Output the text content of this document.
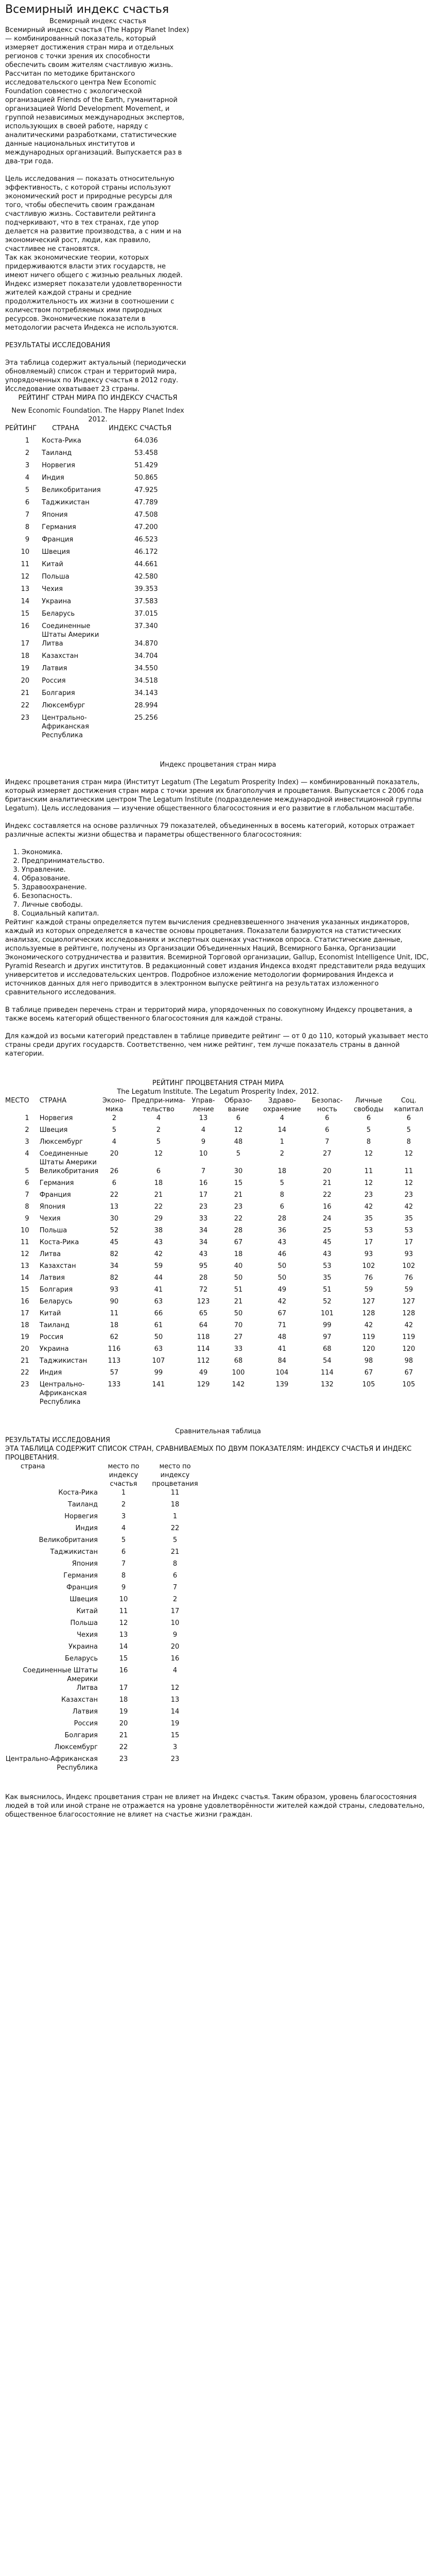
Всемирный индекс счастья

Всемирный индекс счастья

Всемирный индекс счастья (The Happy Planet Index) — комбинированный показатель, который измеряет достижения стран мира и отдельных регионов с точки зрения их способности обеспечить своим жителям счастливую жизнь. Рассчитан по методике британского исследовательского центра New Economic Foundation совместно с экологической организацией Friends of the Earth, гуманитарной организацией World Development Movement, и группой независимых международных экспертов, использующих в своей работе, наряду с аналитическими разработками, статистические данные национальных институтов и международных организаций. Выпускается раз в два-три года.

Цель исследования — показать относительную эффективность, с которой страны используют экономический рост и природные ресурсы для того, чтобы обеспечить своим гражданам счастливую жизнь. Составители рейтинга подчеркивают, что в тех странах, где упор делается на развитие производства, а с ним и на экономический рост, люди, как правило, счастливее не становятся.

Так как экономические теории, которых придерживаются власти этих государств, не имеют ничего общего с жизнью реальных людей. Индекс измеряет показатели удовлетворенности жителей каждой страны и средние продолжительность их жизни в соотношении с количеством потребляемых ими природных ресурсов. Экономические показатели в методологии расчета Индекса не используются.

РЕЗУЛЬТАТЫ ИССЛЕДОВАНИЯ

Эта таблица содержит актуальный (периодически обновляемый) список стран и территорий мира, упорядоченных по Индексу счастья в 2012 году. Исследование охватывает 23 страны.

РЕЙТИНГ СТРАН МИРА ПО ИНДЕКСУ СЧАСТЬЯ

New Economic Foundation. The Happy Planet Index 2012.

РЕЙТИНГ	СТРАНА	ИНДЕКС СЧАСТЬЯ
1	Коста-Рика	64.036
2	Таиланд	53.458
3	Норвегия	51.429
4	Индия	50.865
5	Великобритания	47.925
6	Таджикистан	47.789
7	Япония	47.508
8	Германия	47.200
9	Франция	46.523
10	Швеция	46.172
11	Китай	44.661
12	Польша	42.580
13	Чехия	39.353
14	Украина	37.583
15	Беларусь	37.015
16	Соединенные Штаты Америки	37.340
17	Литва	34.870
18	Казахстан	34.704
19	Латвия	34.550
20	Россия	34.518
21	Болгария	34.143
22	Люксембург	28.994
23	Центрально-Африканская Республика	25.256

Индекс процветания стран мира

Индекс процветания стран мира (Институт Legatum (The Legatum Prosperity Index) — комбинированный показатель, который измеряет достижения стран мира с точки зрения их благополучия и процветания. Выпускается с 2006 года британским аналитическим центром The Legatum Institute (подразделение международной инвестиционной группы Legatum). Цель исследования — изучение общественного благосостояния и его развитие в глобальном масштабе.

Индекс составляется на основе различных 79 показателей, объединенных в восемь категорий, которых отражает различные аспекты жизни общества и параметры общественного благосостояния:

1. Экономика.
2. Предпринимательство.
3. Управление.
4. Образование.
5. Здравоохранение.
6. Безопасность.
7. Личные свободы.
8. Социальный капитал.

Рейтинг каждой страны определяется путем вычисления средневзвешенного значения указанных индикаторов, каждый из которых определяется в качестве основы процветания. Показатели базируются на статистических анализах, социологических исследованиях и экспертных оценках участников опроса. Статистические данные, используемые в рейтинге, получены из Организации Объединенных Наций, Всемирного Банка, Организации Экономического сотрудничества и развития. Всемирной Торговой организации, Gallup, Economist Intelligence Unit, IDC, Pyramid Research и других институтов. В редакционный совет издания Индекса входят представители ряда ведущих университетов и исследовательских центров. Подробное изложение методологии формирования Индекса и источников данных для него приводится в электронном выпуске рейтинга на результатах изложенного сравнительного исследования.

В таблице приведен перечень стран и территорий мира, упорядоченных по совокупному Индексу процветания, а также восемь категорий общественного благосостояния для каждой страны.

Для каждой из восьми категорий представлен в таблице приведите рейтинг — от 0 до 110, который указывает место страны среди других государств. Соответственно, чем ниже рейтинг, тем лучше показатель страны в данной категории.

РЕЙТИНГ ПРОЦВЕТАНИЯ СТРАН МИРА

The Legatum Institute. The Legatum Prosperity Index, 2012.

МЕСТО	СТРАНА	Эконо-мика	Предпри-нима-тельство	Управ-ление	Образо-вание	Здраво-охранение	Безопас-ность	Личные свободы	Соц. капитал
1	Норвегия	2	4	13	6	4	6	6	6
2	Швеция	5	2	4	12	14	6	5	5
3	Люксембург	4	5	9	48	1	7	8	8
4	Соединенные Штаты Америки	20	12	10	5	2	27	12	12
5	Великобритания	26	6	7	30	18	20	11	11
6	Германия	6	18	16	15	5	21	12	12
7	Франция	22	21	17	21	8	22	23	23
8	Япония	13	22	23	23	6	16	42	42
9	Чехия	30	29	33	22	28	24	35	35
10	Польша	52	38	34	28	36	25	53	53
11	Коста-Рика	45	43	34	67	43	45	17	17
12	Литва	82	42	43	18	46	43	93	93
13	Казахстан	34	59	95	40	50	53	102	102
14	Латвия	82	44	28	50	50	35	76	76
15	Болгария	93	41	72	51	49	51	59	59
16	Беларусь	90	63	123	21	42	52	127	127
17	Китай	11	66	65	50	67	101	128	128
18	Таиланд	18	61	64	70	71	99	42	42
19	Россия	62	50	118	27	48	97	119	119
20	Украина	116	63	114	33	41	68	120	120
21	Таджикистан	113	107	112	68	84	54	98	98
22	Индия	57	99	49	100	104	114	67	67
23	Центрально-Африканская Республика	133	141	129	142	139	132	105	105

Сравнительная таблица

РЕЗУЛЬТАТЫ ИССЛЕДОВАНИЯ

ЭТА ТАБЛИЦА СОДЕРЖИТ СПИСОК СТРАН, СРАВНИВАЕМЫХ ПО ДВУМ ПОКАЗАТЕЛЯМ: ИНДЕКСУ СЧАСТЬЯ И ИНДЕКС ПРОЦВЕТАНИЯ.

страна	место по индексу счастья	место по индексу процветания
Коста-Рика	1	11
Таиланд	2	18
Норвегия	3	1
Индия	4	22
Великобритания	5	5
Таджикистан	6	21
Япония	7	8
Германия	8	6
Франция	9	7
Швеция	10	2
Китай	11	17
Польша	12	10
Чехия	13	9
Украина	14	20
Беларусь	15	16
Соединенные Штаты Америки	16	4
Литва	17	12
Казахстан	18	13
Латвия	19	14
Россия	20	19
Болгария	21	15
Люксембург	22	3
Центрально-Африканская Республика	23	23

Как выяснилось, Индекс процветания стран не влияет на Индекс счастья. Таким образом, уровень благосостояния людей в той или иной стране не отражается на уровне удовлетворённости жителей каждой страны, следовательно, общественное благосостояние не влияет на счастье жизни граждан.
